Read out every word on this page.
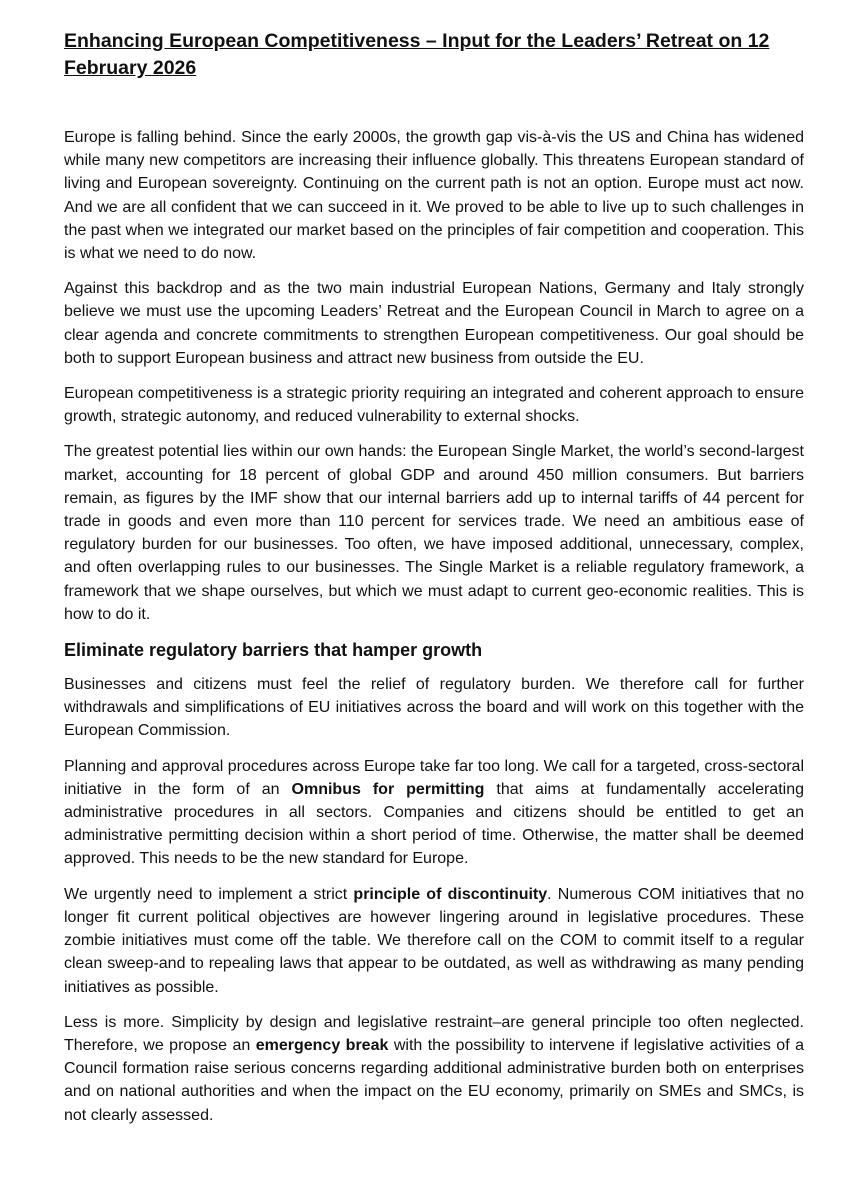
Enhancing European Competitiveness – Input for the Leaders’ Retreat on 12 February 2026

Europe is falling behind. Since the early 2000s, the growth gap vis-à-vis the US and China has widened while many new competitors are increasing their influence globally. This threatens European standard of living and European sovereignty. Continuing on the current path is not an option. Europe must act now. And we are all confident that we can succeed in it. We proved to be able to live up to such challenges in the past when we integrated our market based on the principles of fair competition and cooperation. This is what we need to do now.

Against this backdrop and as the two main industrial European Nations, Germany and Italy strongly believe we must use the upcoming Leaders’ Retreat and the European Council in March to agree on a clear agenda and concrete commitments to strengthen European competitiveness. Our goal should be both to support European business and attract new business from outside the EU.

European competitiveness is a strategic priority requiring an integrated and coherent approach to ensure growth, strategic autonomy, and reduced vulnerability to external shocks.

The greatest potential lies within our own hands: the European Single Market, the world’s second-largest market, accounting for 18 percent of global GDP and around 450 million consumers. But barriers remain, as figures by the IMF show that our internal barriers add up to internal tariffs of 44 percent for trade in goods and even more than 110 percent for services trade. We need an ambitious ease of regulatory burden for our businesses. Too often, we have imposed additional, unnecessary, complex, and often overlapping rules to our businesses. The Single Market is a reliable regulatory framework, a framework that we shape ourselves, but which we must adapt to current geo-economic realities. This is how to do it.

Eliminate regulatory barriers that hamper growth

Businesses and citizens must feel the relief of regulatory burden. We therefore call for further withdrawals and simplifications of EU initiatives across the board and will work on this together with the European Commission.

Planning and approval procedures across Europe take far too long. We call for a targeted, cross-sectoral initiative in the form of an Omnibus for permitting that aims at fundamentally accelerating administrative procedures in all sectors. Companies and citizens should be entitled to get an administrative permitting decision within a short period of time. Otherwise, the matter shall be deemed approved. This needs to be the new standard for Europe.

We urgently need to implement a strict principle of discontinuity. Numerous COM initiatives that no longer fit current political objectives are however lingering around in legislative procedures. These zombie initiatives must come off the table. We therefore call on the COM to commit itself to a regular clean sweep-and to repealing laws that appear to be outdated, as well as withdrawing as many pending initiatives as possible.

Less is more. Simplicity by design and legislative restraint–are general principle too often neglected. Therefore, we propose an emergency break with the possibility to intervene if legislative activities of a Council formation raise serious concerns regarding additional administrative burden both on enterprises and on national authorities and when the impact on the EU economy, primarily on SMEs and SMCs, is not clearly assessed.
